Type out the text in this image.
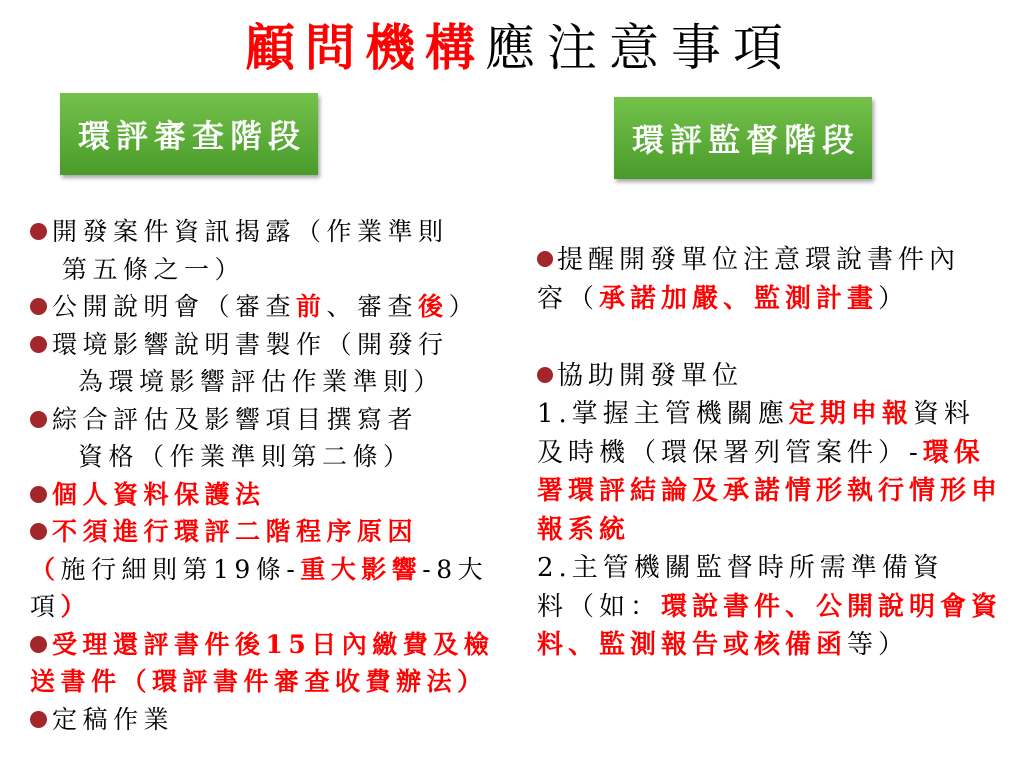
顧問機構應注意事項
環評審查階段	環評監督階段
開發案件資訊揭露（作業準則
第五條之一）
公開說明會（審查前、審查後）
環境影響說明書製作（開發行
為環境影響評估作業準則）
綜合評估及影響項目撰寫者
資格（作業準則第二條）
個人資料保護法
不須進行環評二階程序原因
（施行細則第19條-重大影響-8大
項）
受理還評書件後15日內繳費及檢
送書件（環評書件審查收費辦法）
定稿作業
提醒開發單位注意環說書件內
容（承諾加嚴、監測計畫）
協助開發單位
1.掌握主管機關應定期申報資料
及時機（環保署列管案件）-環保
署環評結論及承諾情形執行情形申
報系統
2.主管機關監督時所需準備資
料（如：環說書件、公開說明會資
料、監測報告或核備函等）
